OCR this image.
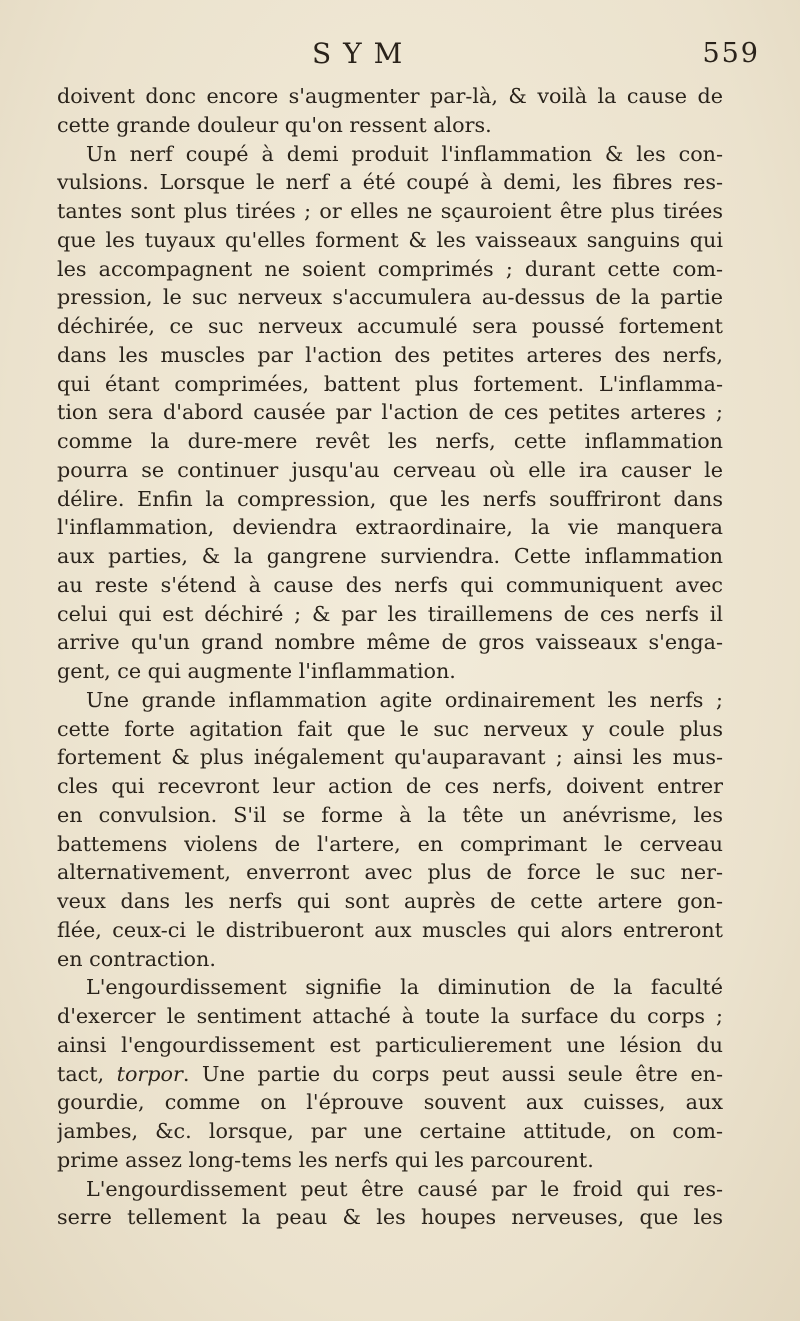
SYM	559
doivent donc encore s'augmenter par-là, & voilà la cause de
cette grande douleur qu'on ressent alors.
Un nerf coupé à demi produit l'inflammation & les con-
vulsions. Lorsque le nerf a été coupé à demi, les fibres res-
tantes sont plus tirées ; or elles ne sçauroient être plus tirées
que les tuyaux qu'elles forment & les vaisseaux sanguins qui
les accompagnent ne soient comprimés ; durant cette com-
pression, le suc nerveux s'accumulera au-dessus de la partie
déchirée, ce suc nerveux accumulé sera poussé fortement
dans les muscles par l'action des petites arteres des nerfs,
qui étant comprimées, battent plus fortement. L'inflamma-
tion sera d'abord causée par l'action de ces petites arteres ;
comme la dure-mere revêt les nerfs, cette inflammation
pourra se continuer jusqu'au cerveau où elle ira causer le
délire. Enfin la compression, que les nerfs souffriront dans
l'inflammation, deviendra extraordinaire, la vie manquera
aux parties, & la gangrene surviendra. Cette inflammation
au reste s'étend à cause des nerfs qui communiquent avec
celui qui est déchiré ; & par les tiraillemens de ces nerfs il
arrive qu'un grand nombre même de gros vaisseaux s'enga-
gent, ce qui augmente l'inflammation.
Une grande inflammation agite ordinairement les nerfs ;
cette forte agitation fait que le suc nerveux y coule plus
fortement & plus inégalement qu'auparavant ; ainsi les mus-
cles qui recevront leur action de ces nerfs, doivent entrer
en convulsion. S'il se forme à la tête un anévrisme, les
battemens violens de l'artere, en comprimant le cerveau
alternativement, enverront avec plus de force le suc ner-
veux dans les nerfs qui sont auprès de cette artere gon-
flée, ceux-ci le distribueront aux muscles qui alors entreront
en contraction.
L'engourdissement signifie la diminution de la faculté
d'exercer le sentiment attaché à toute la surface du corps ;
ainsi l'engourdissement est particulierement une lésion du
tact, torpor. Une partie du corps peut aussi seule être en-
gourdie, comme on l'éprouve souvent aux cuisses, aux
jambes, &c. lorsque, par une certaine attitude, on com-
prime assez long-tems les nerfs qui les parcourent.
L'engourdissement peut être causé par le froid qui res-
serre tellement la peau & les houpes nerveuses, que les
